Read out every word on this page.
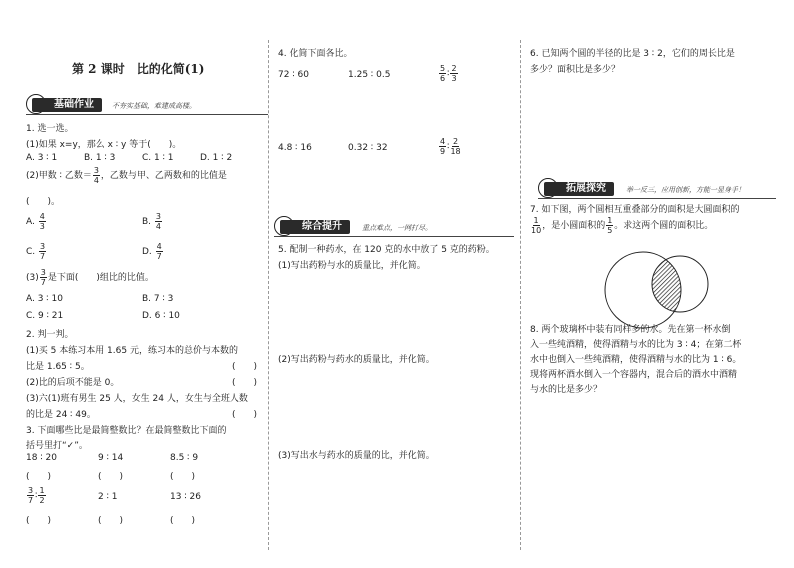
第 2 课时　比的化简(1)
基础作业	不夯实基础，难建成高楼。
1. 选一选。
(1)如果 x=y，那么 x ∶ y 等于(　　)。
A. 3 ∶ 1	B. 1 ∶ 3	C. 1 ∶ 1	D. 1 ∶ 2
(2)甲数 ∶ 乙数＝ $\frac{3}{4}$ ，乙数与甲、乙两数和的比值是
(　　)。
A. $\frac{4}{3}$	B. $\frac{3}{4}$
C. $\frac{3}{7}$	D. $\frac{4}{7}$
$(3) \frac{3}{7}$ 是下面(　　)组比的比值。
A. 3 ∶ 10	B. 7 ∶ 3
C. 9 ∶ 21	D. 6 ∶ 10
2. 判一判。
(1)买 5 本练习本用 1.65 元，练习本的总价与本数的
比是 1.65 ∶ 5。	(　　)
(2)比的后项不能是 0。	(　　)
(3)六(1)班有男生 25 人，女生 24 人，女生与全班人数
的比是 24 ∶ 49。	(　　)
3. 下面哪些比是最简整数比？在最简整数比下面的
括号里打“✓”。
18 ∶ 20	9 ∶ 14	8.5 ∶ 9
(　　)	(　　)	(　　)
$\frac{3}{7}$ ∶ $\frac{1}{2}$	2 ∶ 1	13 ∶ 26
(　　)	(　　)	(　　)
4. 化简下面各比。
72 ∶ 60	1.25 ∶ 0.5	$\frac{5}{6}$ ∶ $\frac{2}{3}$
4.8 ∶ 16	0.32 ∶ 32	$\frac{4}{9}$ ∶ $\frac{2}{18}$
综合提升	重点难点，一网打尽。
5. 配制一种药水，在 120 克的水中放了 5 克的药粉。
(1)写出药粉与水的质量比，并化简。
(2)写出药粉与药水的质量比，并化简。
(3)写出水与药水的质量的比，并化简。
6. 已知两个圆的半径的比是 3 ∶ 2，它们的周长比是
多少？面积比是多少？
拓展探究	举一反三，应用创新，方能一显身手！
7. 如下图，两个圆相互重叠部分的面积是大圆面积的
$\frac{1}{10}$ ，是小圆面积的 $\frac{1}{5}$ 。求这两个圆的面积比。
8. 两个玻璃杯中装有同样多的水。先在第一杯水倒
入一些纯酒精，使得酒精与水的比为 3 ∶ 4；在第二杯
水中也倒入一些纯酒精，使得酒精与水的比为 1 ∶ 6。
现将两杯酒水倒入一个容器内，混合后的酒水中酒精
与水的比是多少？
